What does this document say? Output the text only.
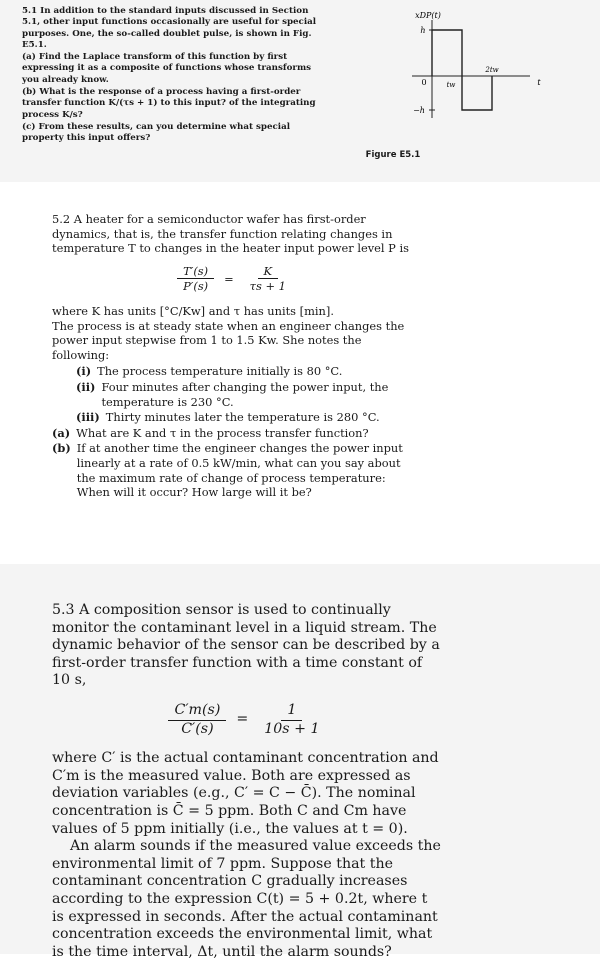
5.1 In addition to the standard inputs discussed in Section 5.1, other input functions occasionally are useful for special purposes. One, the so-called doublet pulse, is shown in Fig. E5.1.

(a) Find the Laplace transform of this function by first expressing it as a composite of functions whose transforms you already know.

(b) What is the response of a process having a first-order transfer function K/(τs + 1) to this input? of the integrating process K/s?

(c) From these results, can you determine what special property this input offers?

xDP(t)
h
0
−h
tw
2tw
t
Figure E5.1

5.2 A heater for a semiconductor wafer has first-order dynamics, that is, the transfer function relating changes in temperature T to changes in the heater input power level P is

$\frac{T'(s)}{P'(s)} = \frac{K}{\tau s + 1}$

where K has units [°C/Kw] and τ has units [min].

The process is at steady state when an engineer changes the power input stepwise from 1 to 1.5 Kw. She notes the following:

(i) The process temperature initially is 80 °C.
(ii) Four minutes after changing the power input, the temperature is 230 °C.
(iii) Thirty minutes later the temperature is 280 °C.
(a) What are K and τ in the process transfer function?
(b) If at another time the engineer changes the power input linearly at a rate of 0.5 kW/min, what can you say about the maximum rate of change of process temperature: When will it occur? How large will it be?

5.3 A composition sensor is used to continually monitor the contaminant level in a liquid stream. The dynamic behavior of the sensor can be described by a first-order transfer function with a time constant of 10 s,

$\frac{C'm(s)}{C'(s)} = \frac{1}{10s + 1}$

where C′ is the actual contaminant concentration and C′m is the measured value. Both are expressed as deviation variables (e.g., C′ = C − C̄). The nominal concentration is C̄ = 5 ppm. Both C and Cm have values of 5 ppm initially (i.e., the values at t = 0).

An alarm sounds if the measured value exceeds the environmental limit of 7 ppm. Suppose that the contaminant concentration C gradually increases according to the expression C(t) = 5 + 0.2t, where t is expressed in seconds. After the actual contaminant concentration exceeds the environmental limit, what is the time interval, Δt, until the alarm sounds?
